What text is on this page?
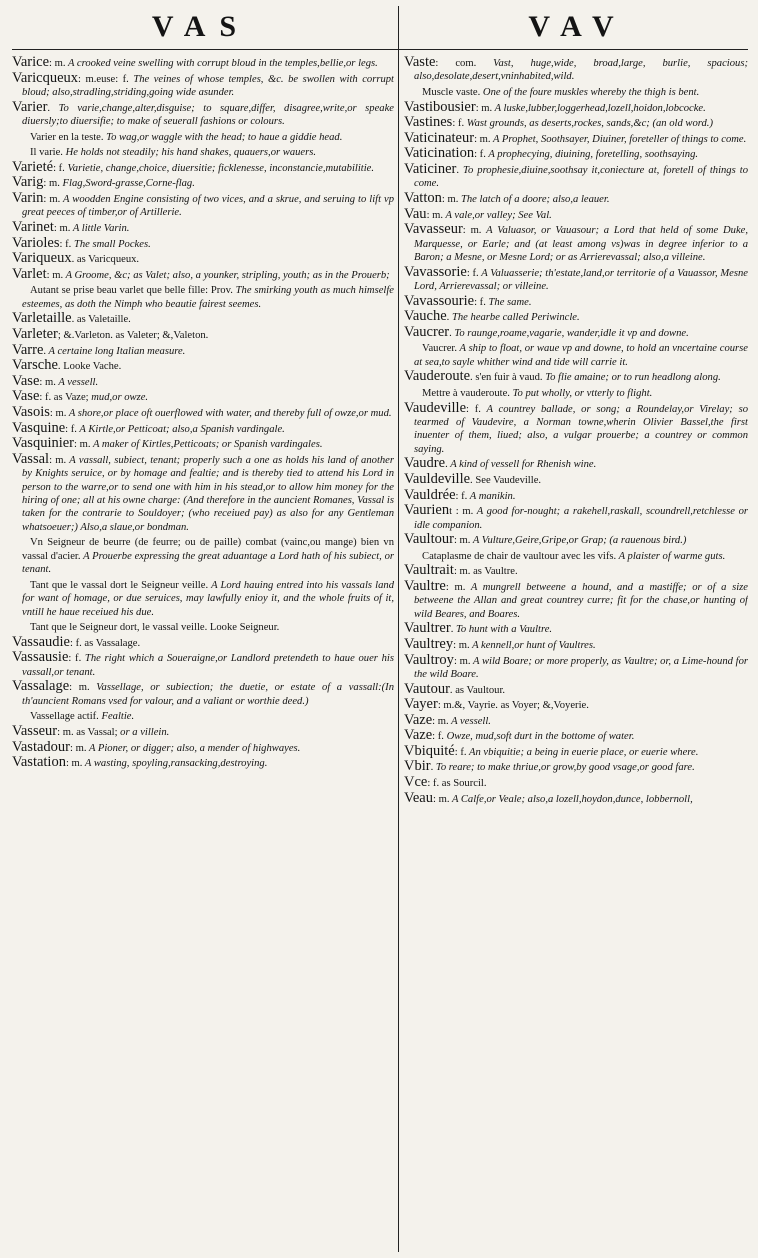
VAS	VAV
Varice: m. A crooked veine swelling with corrupt bloud in the temples,bellie,or legs.
Varicqueux: m.euse: f. The veines of whose temples, &c. be swollen with corrupt bloud; also,stradling,striding,going wide asunder.
Varier. To varie,change,alter,disguise; to square,differ, disagree,write,or speake diuersly;to diuersifie; to make of seuerall fashions or colours.
Varier en la teste. To wag,or waggle with the head; to haue a giddie head.
Il varie. He holds not steadily; his hand shakes, quauers,or wauers.
Varieté: f. Varietie, change,choice, diuersitie; ficklenesse, inconstancie,mutabilitie.
Varig: m. Flag,Sword-grasse,Corne-flag.
Varin: m. A woodden Engine consisting of two vices, and a skrue, and seruing to lift vp great peeces of timber,or of Artillerie.
Varinet: m. A little Varin.
Varioles: f. The small Pockes.
Variqueux. as Varicqueux.
Varlet: m. A Groome, &c; as Valet; also, a younker, stripling, youth; as in the Prouerb;
Autant se prise beau varlet que belle fille: Prov. The smirking youth as much himselfe esteemes, as doth the Nimph who beautie fairest seemes.
Varletaille. as Valetaille.
Varleter; &.Varleton. as Valeter; &,Valeton.
Varre. A certaine long Italian measure.
Varsche. Looke Vache.
Vase: m. A vessell.
Vase: f. as Vaze; mud,or owze.
Vasois: m. A shore,or place oft ouerflowed with water, and thereby full of owze,or mud.
Vasquine: f. A Kirtle,or Petticoat; also,a Spanish vardingale.
Vasquinier: m. A maker of Kirtles,Petticoats; or Spanish vardingales.
Vassal: m. A vassall, subiect, tenant; properly such a one as holds his land of another by Knights seruice, or by homage and fealtie; and is thereby tied to attend his Lord in person to the warre,or to send one with him in his stead,or to allow him money for the hiring of one; all at his owne charge: (And therefore in the auncient Romanes, Vassal is taken for the contrarie to Souldoyer; (who receiued pay) as also for any Gentleman whatsoeuer;) Also,a slaue,or bondman.
Vn Seigneur de beurre (de feurre; ou de paille) combat (vainc,ou mange) bien vn vassal d'acier. A Prouerbe expressing the great aduantage a Lord hath of his subiect, or tenant.
Tant que le vassal dort le Seigneur veille. A Lord hauing entred into his vassals land for want of homage, or due seruices, may lawfully enioy it, and the whole fruits of it, vntill he haue receiued his due.
Tant que le Seigneur dort, le vassal veille. Looke Seigneur.
Vassaudie: f. as Vassalage.
Vassausie: f. The right which a Soueraigne,or Landlord pretendeth to haue ouer his vassall,or tenant.
Vassalage: m. Vassellage, or subiection; the duetie, or estate of a vassall:(In th'auncient Romans vsed for valour, and a valiant or worthie deed.)
Vassellage actif. Fealtie.
Vasseur: m. as Vassal; or a villein.
Vastadour: m. A Pioner, or digger; also, a mender of highwayes.
Vastation: m. A wasting, spoyling,ransacking,destroying.
Vaste: com. Vast, huge,wide, broad,large, burlie, spacious; also,desolate,desert,vninhabited,wild.
Muscle vaste. One of the foure muskles whereby the thigh is bent.
Vastibousier: m. A luske,lubber,loggerhead,lozell,hoidon,lobcocke.
Vastines: f. Wast grounds, as deserts,rockes, sands,&c; (an old word.)
Vaticinateur: m. A Prophet, Soothsayer, Diuiner, foreteller of things to come.
Vaticination: f. A prophecying, diuining, foretelling, soothsaying.
Vaticiner. To prophesie,diuine,soothsay it,coniecture at, foretell of things to come.
Vatton: m. The latch of a doore; also,a leauer.
Vau: m. A vale,or valley; See Val.
Vavasseur: m. A Valuasor, or Vauasour; a Lord that held of some Duke, Marquesse, or Earle; and (at least among vs)was in degree inferior to a Baron; a Mesne, or Mesne Lord; or as Arrierevassal; also,a villeine.
Vavassorie: f. A Valuasserie; th'estate,land,or territorie of a Vauassor, Mesne Lord, Arrierevassal; or villeine.
Vavassourie: f. The same.
Vauche. The hearbe called Periwincle.
Vaucrer. To raunge,roame,vagarie, wander,idle it vp and downe.
Vaucrer. A ship to float, or waue vp and downe, to hold an vncertaine course at sea,to sayle whither wind and tide will carrie it.
Vauderoute. s'en fuir à vaud. To flie amaine; or to run headlong along.
Mettre à vauderoute. To put wholly, or vtterly to flight.
Vaudeville: f. A countrey ballade, or song; a Roundelay,or Virelay; so tearmed of Vaudevire, a Norman towne,wherin Olivier Bassel,the first inuenter of them, liued; also, a vulgar prouerbe; a countrey or common saying.
Vaudre. A kind of vessell for Rhenish wine.
Vauldeville. See Vaudeville.
Vauldrée: f. A manikin.
Vaurient : m. A good for-nought; a rakehell,raskall, scoundrell,retchlesse or idle companion.
Vaultour: m. A Vulture,Geire,Gripe,or Grap; (a rauenous bird.)
Cataplasme de chair de vaultour avec les vifs. A plaister of warme guts.
Vaultrait: m. as Vaultre.
Vaultre: m. A mungrell betweene a hound, and a mastiffe; or of a size betweene the Allan and great countrey curre; fit for the chase,or hunting of wild Beares, and Boares.
Vaultrer. To hunt with a Vaultre.
Vaultrey: m. A kennell,or hunt of Vaultres.
Vaultroy: m. A wild Boare; or more properly, as Vaultre; or, a Lime-hound for the wild Boare.
Vautour. as Vaultour.
Vayer: m.&, Vayrie. as Voyer; &,Voyerie.
Vaze: m. A vessell.
Vaze: f. Owze, mud,soft durt in the bottome of water.
Vbiquité: f. An vbiquitie; a being in euerie place, or euerie where.
Vbir. To reare; to make thriue,or grow,by good vsage,or good fare.
Vce: f. as Sourcil.
Veau: m. A Calfe,or Veale; also,a lozell,hoydon,dunce, lobbernoll,
